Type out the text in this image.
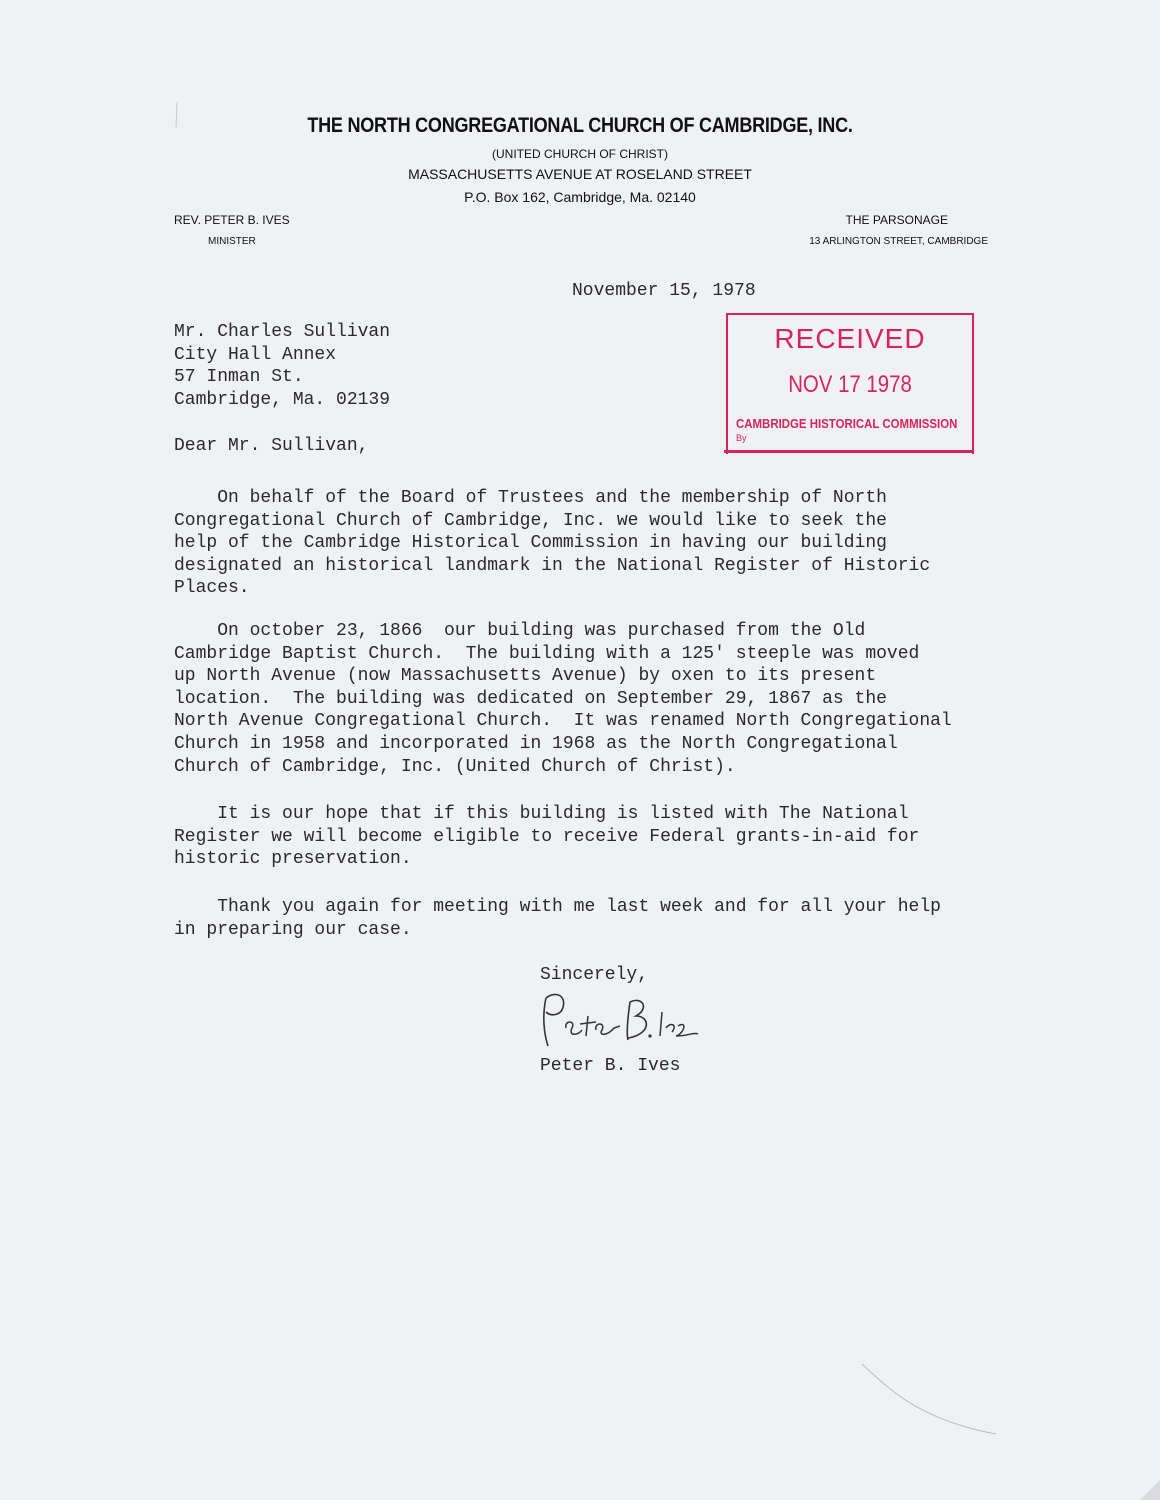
THE NORTH CONGREGATIONAL CHURCH OF CAMBRIDGE, INC.
(UNITED CHURCH OF CHRIST)
MASSACHUSETTS AVENUE AT ROSELAND STREET
P.O. Box 162, Cambridge, Ma. 02140
REV. PETER B. IVES
MINISTER
THE PARSONAGE
13 ARLINGTON STREET, CAMBRIDGE
November 15, 1978
Mr. Charles Sullivan
City Hall Annex
57 Inman St.
Cambridge, Ma. 02139
RECEIVED
NOV 17 1978
CAMBRIDGE HISTORICAL COMMISSION
By
Dear Mr. Sullivan,
On behalf of the Board of Trustees and the membership of North
Congregational Church of Cambridge, Inc. we would like to seek the
help of the Cambridge Historical Commission in having our building
designated an historical landmark in the National Register of Historic
Places.
On october 23, 1866  our building was purchased from the Old
Cambridge Baptist Church.  The building with a 125' steeple was moved
up North Avenue (now Massachusetts Avenue) by oxen to its present
location.  The building was dedicated on September 29, 1867 as the
North Avenue Congregational Church.  It was renamed North Congregational
Church in 1958 and incorporated in 1968 as the North Congregational
Church of Cambridge, Inc. (United Church of Christ).
It is our hope that if this building is listed with The National
Register we will become eligible to receive Federal grants-in-aid for
historic preservation.
Thank you again for meeting with me last week and for all your help
in preparing our case.
Sincerely,
Peter B. Ives
